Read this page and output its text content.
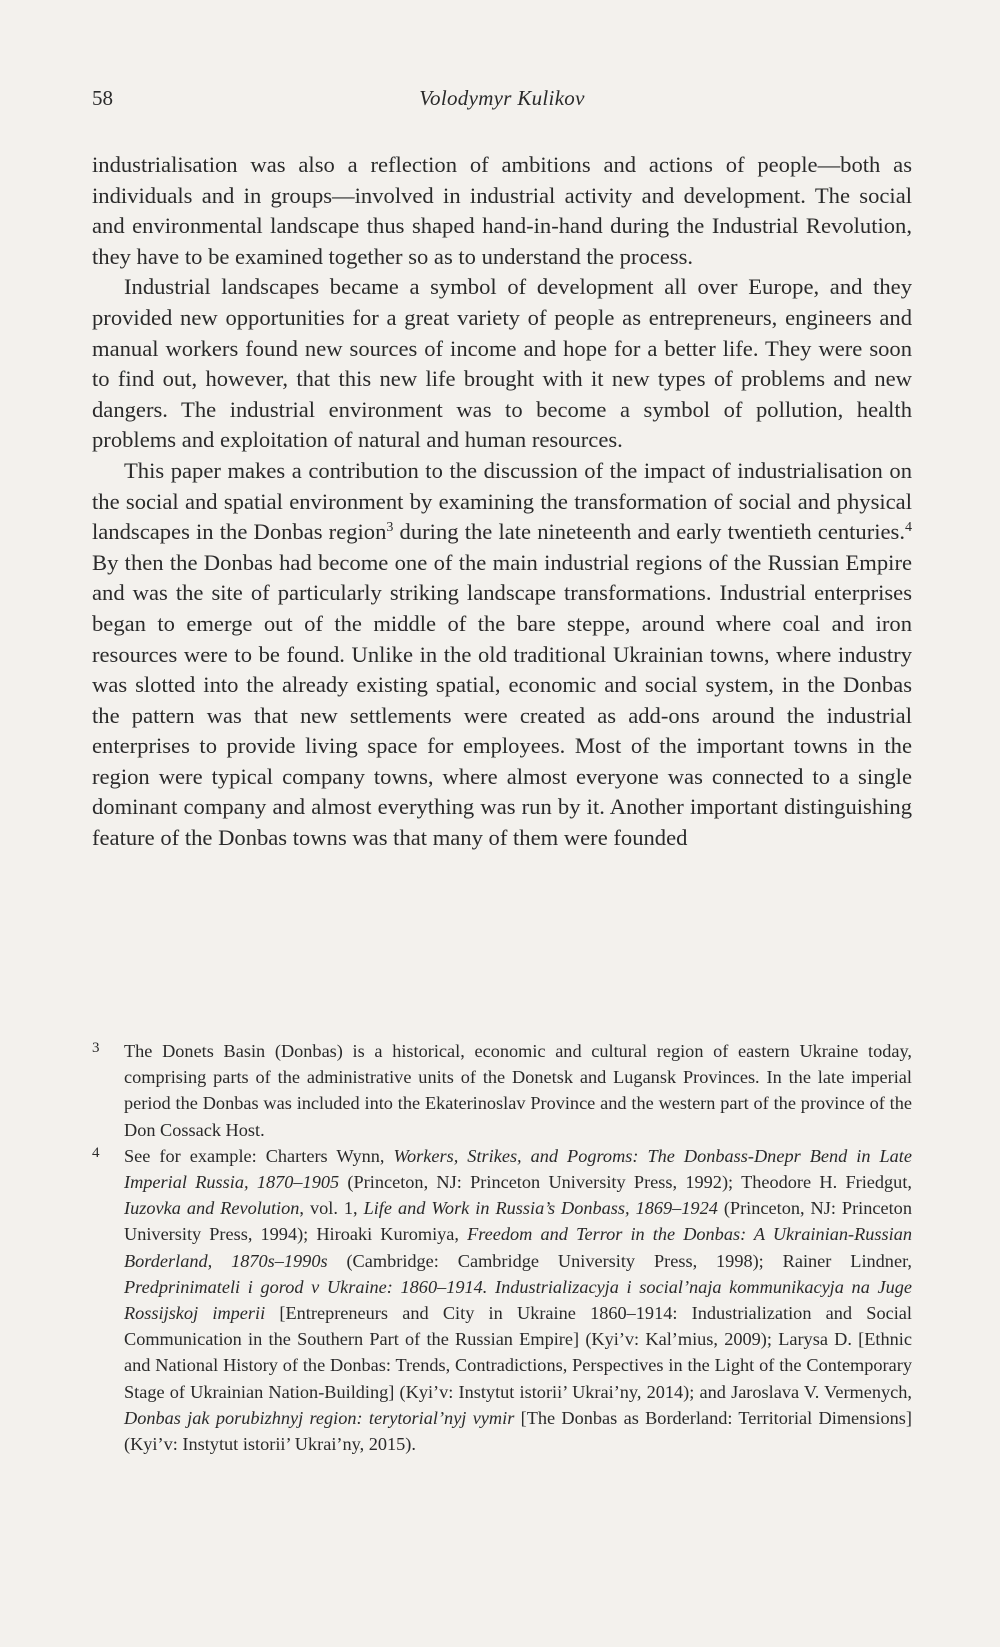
58	Volodymyr Kulikov

industrialisation was also a reflection of ambitions and actions of people—both as individuals and in groups—involved in industrial activity and development. The social and environmental landscape thus shaped hand-in-hand during the Industrial Revolution, they have to be examined together so as to understand the process.

Industrial landscapes became a symbol of development all over Europe, and they provided new opportunities for a great variety of people as entrepreneurs, engineers and manual workers found new sources of income and hope for a better life. They were soon to find out, however, that this new life brought with it new types of problems and new dangers. The industrial environment was to become a symbol of pollution, health problems and exploitation of natural and human resources.

This paper makes a contribution to the discussion of the impact of industrialisation on the social and spatial environment by examining the transformation of social and physical landscapes in the Donbas region$^3$ during the late nineteenth and early twentieth centuries.$^4$ By then the Donbas had become one of the main industrial regions of the Russian Empire and was the site of particularly striking landscape transformations. Industrial enterprises began to emerge out of the middle of the bare steppe, around where coal and iron resources were to be found. Unlike in the old traditional Ukrainian towns, where industry was slotted into the already existing spatial, economic and social system, in the Donbas the pattern was that new settlements were created as add-ons around the industrial enterprises to provide living space for employees. Most of the important towns in the region were typical company towns, where almost everyone was connected to a single dominant company and almost everything was run by it. Another important distinguishing feature of the Donbas towns was that many of them were founded

3 The Donets Basin (Donbas) is a historical, economic and cultural region of eastern Ukraine today, comprising parts of the administrative units of the Donetsk and Lugansk Provinces. In the late imperial period the Donbas was included into the Ekaterinoslav Province and the western part of the province of the Don Cossack Host.
4 See for example: Charters Wynn, Workers, Strikes, and Pogroms: The Donbass-Dnepr Bend in Late Imperial Russia, 1870–1905 (Princeton, NJ: Princeton University Press, 1992); Theodore H. Friedgut, Iuzovka and Revolution, vol. 1, Life and Work in Russia’s Donbass, 1869–1924 (Princeton, NJ: Princeton University Press, 1994); Hiroaki Kuromiya, Freedom and Terror in the Donbas: A Ukrainian-Russian Borderland, 1870s–1990s (Cambridge: Cambridge University Press, 1998); Rainer Lindner, Predprinimateli i gorod v Ukraine: 1860–1914. Industrializacyja i social’naja kommunikacyja na Juge Rossijskoj imperii [Entrepreneurs and City in Ukraine 1860–1914: Industrialization and Social Communication in the Southern Part of the Russian Empire] (Kyi’v: Kal’mius, 2009); Larysa D. [Ethnic and National History of the Donbas: Trends, Contradictions, Perspectives in the Light of the Contemporary Stage of Ukrainian Nation-Building] (Kyi’v: Instytut istorii’ Ukrai’ny, 2014); and Jaroslava V. Vermenych, Donbas jak porubizhnyj region: terytorial’nyj vymir [The Donbas as Borderland: Territorial Dimensions] (Kyi’v: Instytut istorii’ Ukrai’ny, 2015).
